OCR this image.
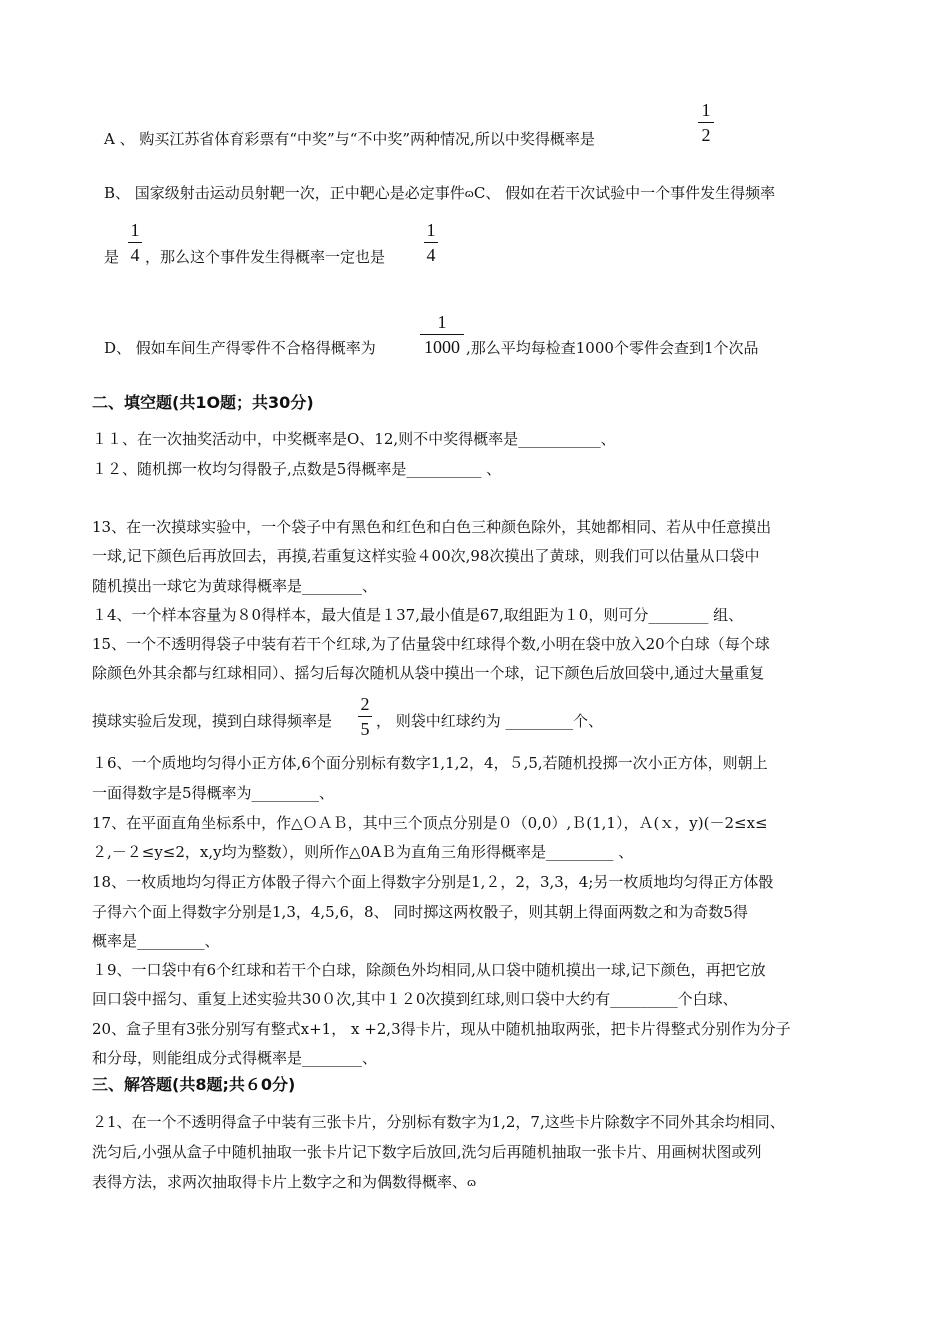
A 、 购买江苏省体育彩票有“中奖”与“不中奖”两种情况,所以中奖得概率是
1
2
B、 国家级射击运动员射靶一次，正中靶心是必定事件ɷC、 假如在若干次试验中一个事件发生得频率
是
1
4 ，那么这个事件发生得概率一定也是
1
4
D、 假如车间生产得零件不合格得概率为
1
1000 ,那么平均每检查1000个零件会查到1个次品
二、填空题(共1O题；共30分)
１１、在一次抽奖活动中，中奖概率是O、12,则不中奖得概率是___________、
１２、随机掷一枚均匀得骰子,点数是5得概率是__________ 、
13、在一次摸球实验中，一个袋子中有黑色和红色和白色三种颜色除外，其她都相同、若从中任意摸出
一球,记下颜色后再放回去，再摸,若重复这样实验４00次,98次摸出了黄球，则我们可以估量从口袋中
随机摸出一球它为黄球得概率是________、
１4、一个样本容量为８0得样本，最大值是１37,最小值是67,取组距为１0，则可分________ 组、
15、一个不透明得袋子中装有若干个红球,为了估量袋中红球得个数,小明在袋中放入20个白球（每个球
除颜色外其余都与红球相同）、摇匀后每次随机从袋中摸出一个球，记下颜色后放回袋中,通过大量重复
摸球实验后发现，摸到白球得频率是
2
5 ， 则袋中红球约为 _________个、
１6、一个质地均匀得小正方体,6个面分别标有数字1,1,2，4，５,5,若随机投掷一次小正方体，则朝上
一面得数字是5得概率为_________、
17、在平面直角坐标系中，作△ＯＡＢ，其中三个顶点分别是０（0,0）,Ｂ(1,1），Ａ(ｘ，y)(－2≤x≤
２,－２≤y≤2，x,y均为整数），则所作△0AＢ为直角三角形得概率是_________ 、
18、一枚质地均匀得正方体骰子得六个面上得数字分别是1,２，2，3,3，4;另一枚质地均匀得正方体骰
子得六个面上得数字分别是1,3，4,5,6，8、 同时掷这两枚骰子，则其朝上得面两数之和为奇数5得
概率是_________、
１9、一口袋中有6个红球和若干个白球，除颜色外均相同,从口袋中随机摸出一球,记下颜色，再把它放
回口袋中摇匀、重复上述实验共30０次,其中１２0次摸到红球,则口袋中大约有_________个白球、
20、盒子里有3张分别写有整式x+1， x +2,3得卡片，现从中随机抽取两张，把卡片得整式分别作为分子
和分母，则能组成分式得概率是________、
三、解答题(共8题;共６0分)
２1、在一个不透明得盒子中装有三张卡片，分别标有数字为1,2，7,这些卡片除数字不同外其余均相同、
洗匀后,小强从盒子中随机抽取一张卡片记下数字后放回,洗匀后再随机抽取一张卡片、用画树状图或列
表得方法，求两次抽取得卡片上数字之和为偶数得概率、ɷ
